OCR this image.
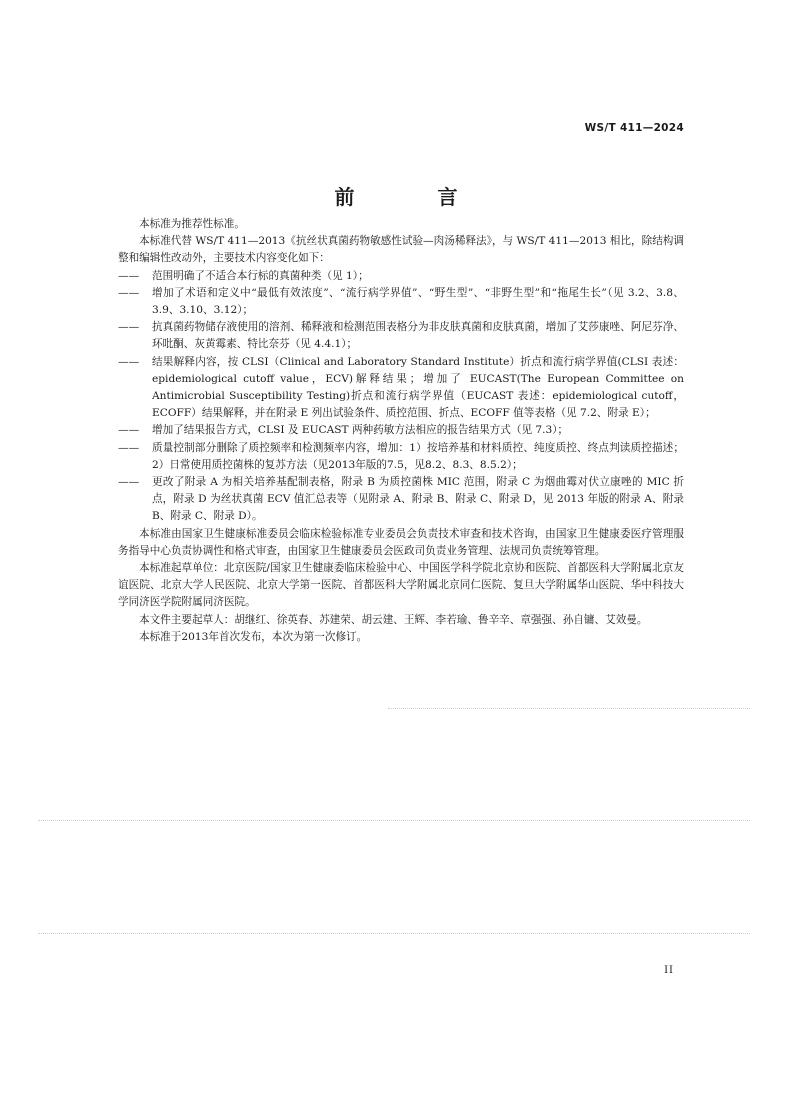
WS/T 411—2024
前 言

本标准为推荐性标准。

本标准代替 WS/T 411—2013《抗丝状真菌药物敏感性试验—肉汤稀释法》，与 WS/T 411—2013 相比，除结构调整和编辑性改动外，主要技术内容变化如下：

——	范围明确了不适合本行标的真菌种类（见 1）；
——	增加了术语和定义中“最低有效浓度”、“流行病学界值”、“野生型”、“非野生型”和“拖尾生长”（见 3.2、3.8、3.9、3.10、3.12）；
——	抗真菌药物储存液使用的溶剂、稀释液和检测范围表格分为非皮肤真菌和皮肤真菌，增加了艾莎康唑、阿尼芬净、环吡酮、灰黄霉素、特比奈芬（见 4.4.1）；
——	结果解释内容，按 CLSI（Clinical and Laboratory Standard Institute）折点和流行病学界值(CLSI 表述：epidemiological cutoff value，ECV)解释结果；增加了 EUCAST(The European Committee on Antimicrobial Susceptibility Testing)折点和流行病学界值（EUCAST 表述：epidemiological cutoff，ECOFF）结果解释，并在附录 E 列出试验条件、质控范围、折点、ECOFF 值等表格（见 7.2、附录 E）；
——	增加了结果报告方式，CLSI 及 EUCAST 两种药敏方法相应的报告结果方式（见 7.3）；
——	质量控制部分删除了质控频率和检测频率内容，增加：1）按培养基和材料质控、纯度质控、终点判读质控描述；2）日常使用质控菌株的复苏方法（见2013年版的7.5，见8.2、8.3、8.5.2）；
——	更改了附录 A 为相关培养基配制表格，附录 B 为质控菌株 MIC 范围，附录 C 为烟曲霉对伏立康唑的 MIC 折点，附录 D 为丝状真菌 ECV 值汇总表等（见附录 A、附录 B、附录 C、附录 D，见 2013 年版的附录 A、附录 B、附录 C、附录 D）。

本标准由国家卫生健康标准委员会临床检验标准专业委员会负责技术审查和技术咨询，由国家卫生健康委医疗管理服务指导中心负责协调性和格式审查，由国家卫生健康委员会医政司负责业务管理、法规司负责统筹管理。

本标准起草单位：北京医院/国家卫生健康委临床检验中心、中国医学科学院北京协和医院、首都医科大学附属北京友谊医院、北京大学人民医院、北京大学第一医院、首都医科大学附属北京同仁医院、复旦大学附属华山医院、华中科技大学同济医学院附属同济医院。

本文件主要起草人：胡继红、徐英春、苏建荣、胡云建、王辉、李若瑜、鲁辛辛、章强强、孙自镛、艾效曼。

本标准于2013年首次发布，本次为第一次修订。

II
